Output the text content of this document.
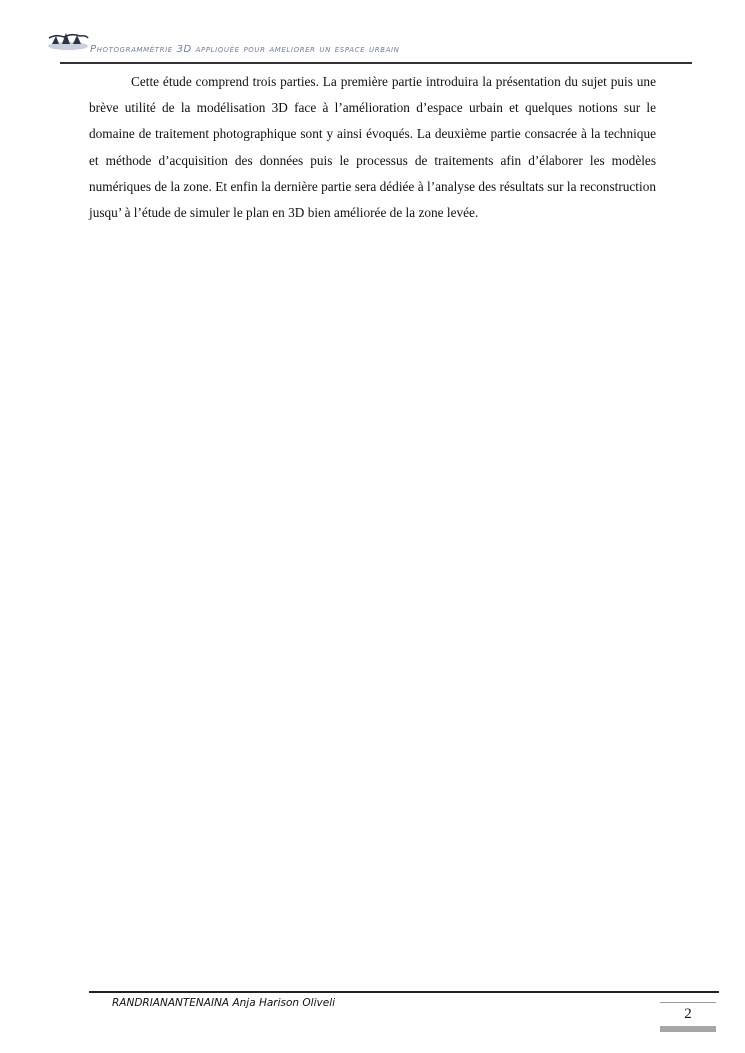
Photogrammétrie 3D appliquée pour ameliorer un espace urbain

Cette étude comprend trois parties. La première partie introduira la présentation du sujet puis une brève utilité de la modélisation 3D face à l’amélioration d’espace urbain et quelques notions sur le domaine de traitement photographique sont y ainsi évoqués. La deuxième partie consacrée à la technique et méthode d’acquisition des données puis le processus de traitements afin d’élaborer les modèles numériques de la zone. Et enfin la dernière partie sera dédiée à l’analyse des résultats sur la reconstruction jusqu’ à l’étude de simuler le plan en 3D bien améliorée de la zone levée.

RANDRIANANTENAINA Anja Harison Oliveli
2
